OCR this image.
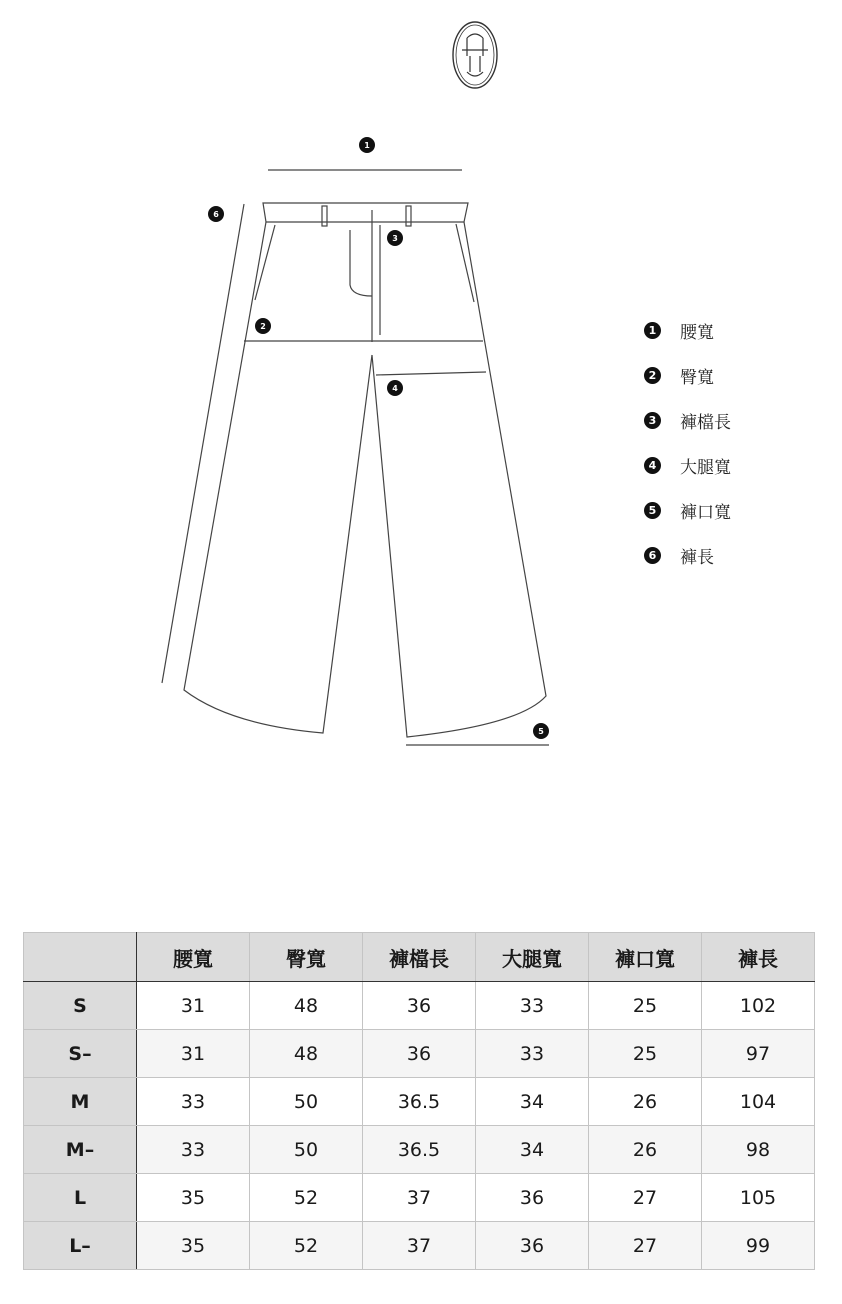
1
2
3
4
5
6
1 腰寬
2 臀寬
3 褲檔長
4 大腿寬
5 褲口寬
6 褲長
	腰寬	臀寬	褲檔長	大腿寬	褲口寬	褲長
S	31	48	36	33	25	102
S–	31	48	36	33	25	97
M	33	50	36.5	34	26	104
M–	33	50	36.5	34	26	98
L	35	52	37	36	27	105
L–	35	52	37	36	27	99
